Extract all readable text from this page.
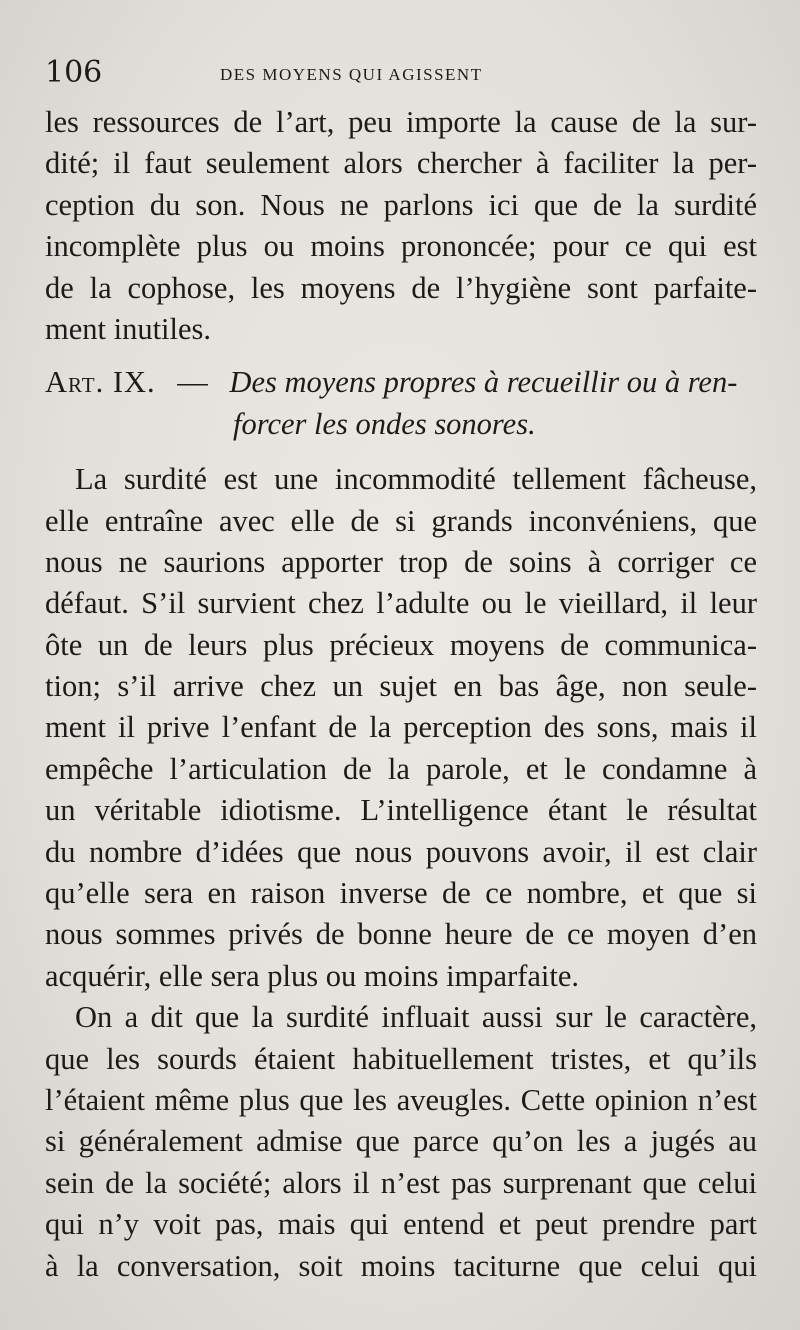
106	DES MOYENS QUI AGISSENT
les ressources de l’art, peu importe la cause de la sur-
dité; il faut seulement alors chercher à faciliter la per-
ception du son. Nous ne parlons ici que de la surdité
incomplète plus ou moins prononcée; pour ce qui est
de la cophose, les moyens de l’hygiène sont parfaite-
ment inutiles.
Art. IX. — Des moyens propres à recueillir ou à ren-
forcer les ondes sonores.
La surdité est une incommodité tellement fâcheuse,
elle entraîne avec elle de si grands inconvéniens, que
nous ne saurions apporter trop de soins à corriger ce
défaut. S’il survient chez l’adulte ou le vieillard, il leur
ôte un de leurs plus précieux moyens de communica-
tion; s’il arrive chez un sujet en bas âge, non seule-
ment il prive l’enfant de la perception des sons, mais il
empêche l’articulation de la parole, et le condamne à
un véritable idiotisme. L’intelligence étant le résultat
du nombre d’idées que nous pouvons avoir, il est clair
qu’elle sera en raison inverse de ce nombre, et que si
nous sommes privés de bonne heure de ce moyen d’en
acquérir, elle sera plus ou moins imparfaite.
On a dit que la surdité influait aussi sur le caractère,
que les sourds étaient habituellement tristes, et qu’ils
l’étaient même plus que les aveugles. Cette opinion n’est
si généralement admise que parce qu’on les a jugés au
sein de la société; alors il n’est pas surprenant que celui
qui n’y voit pas, mais qui entend et peut prendre part
à la conversation, soit moins taciturne que celui qui
